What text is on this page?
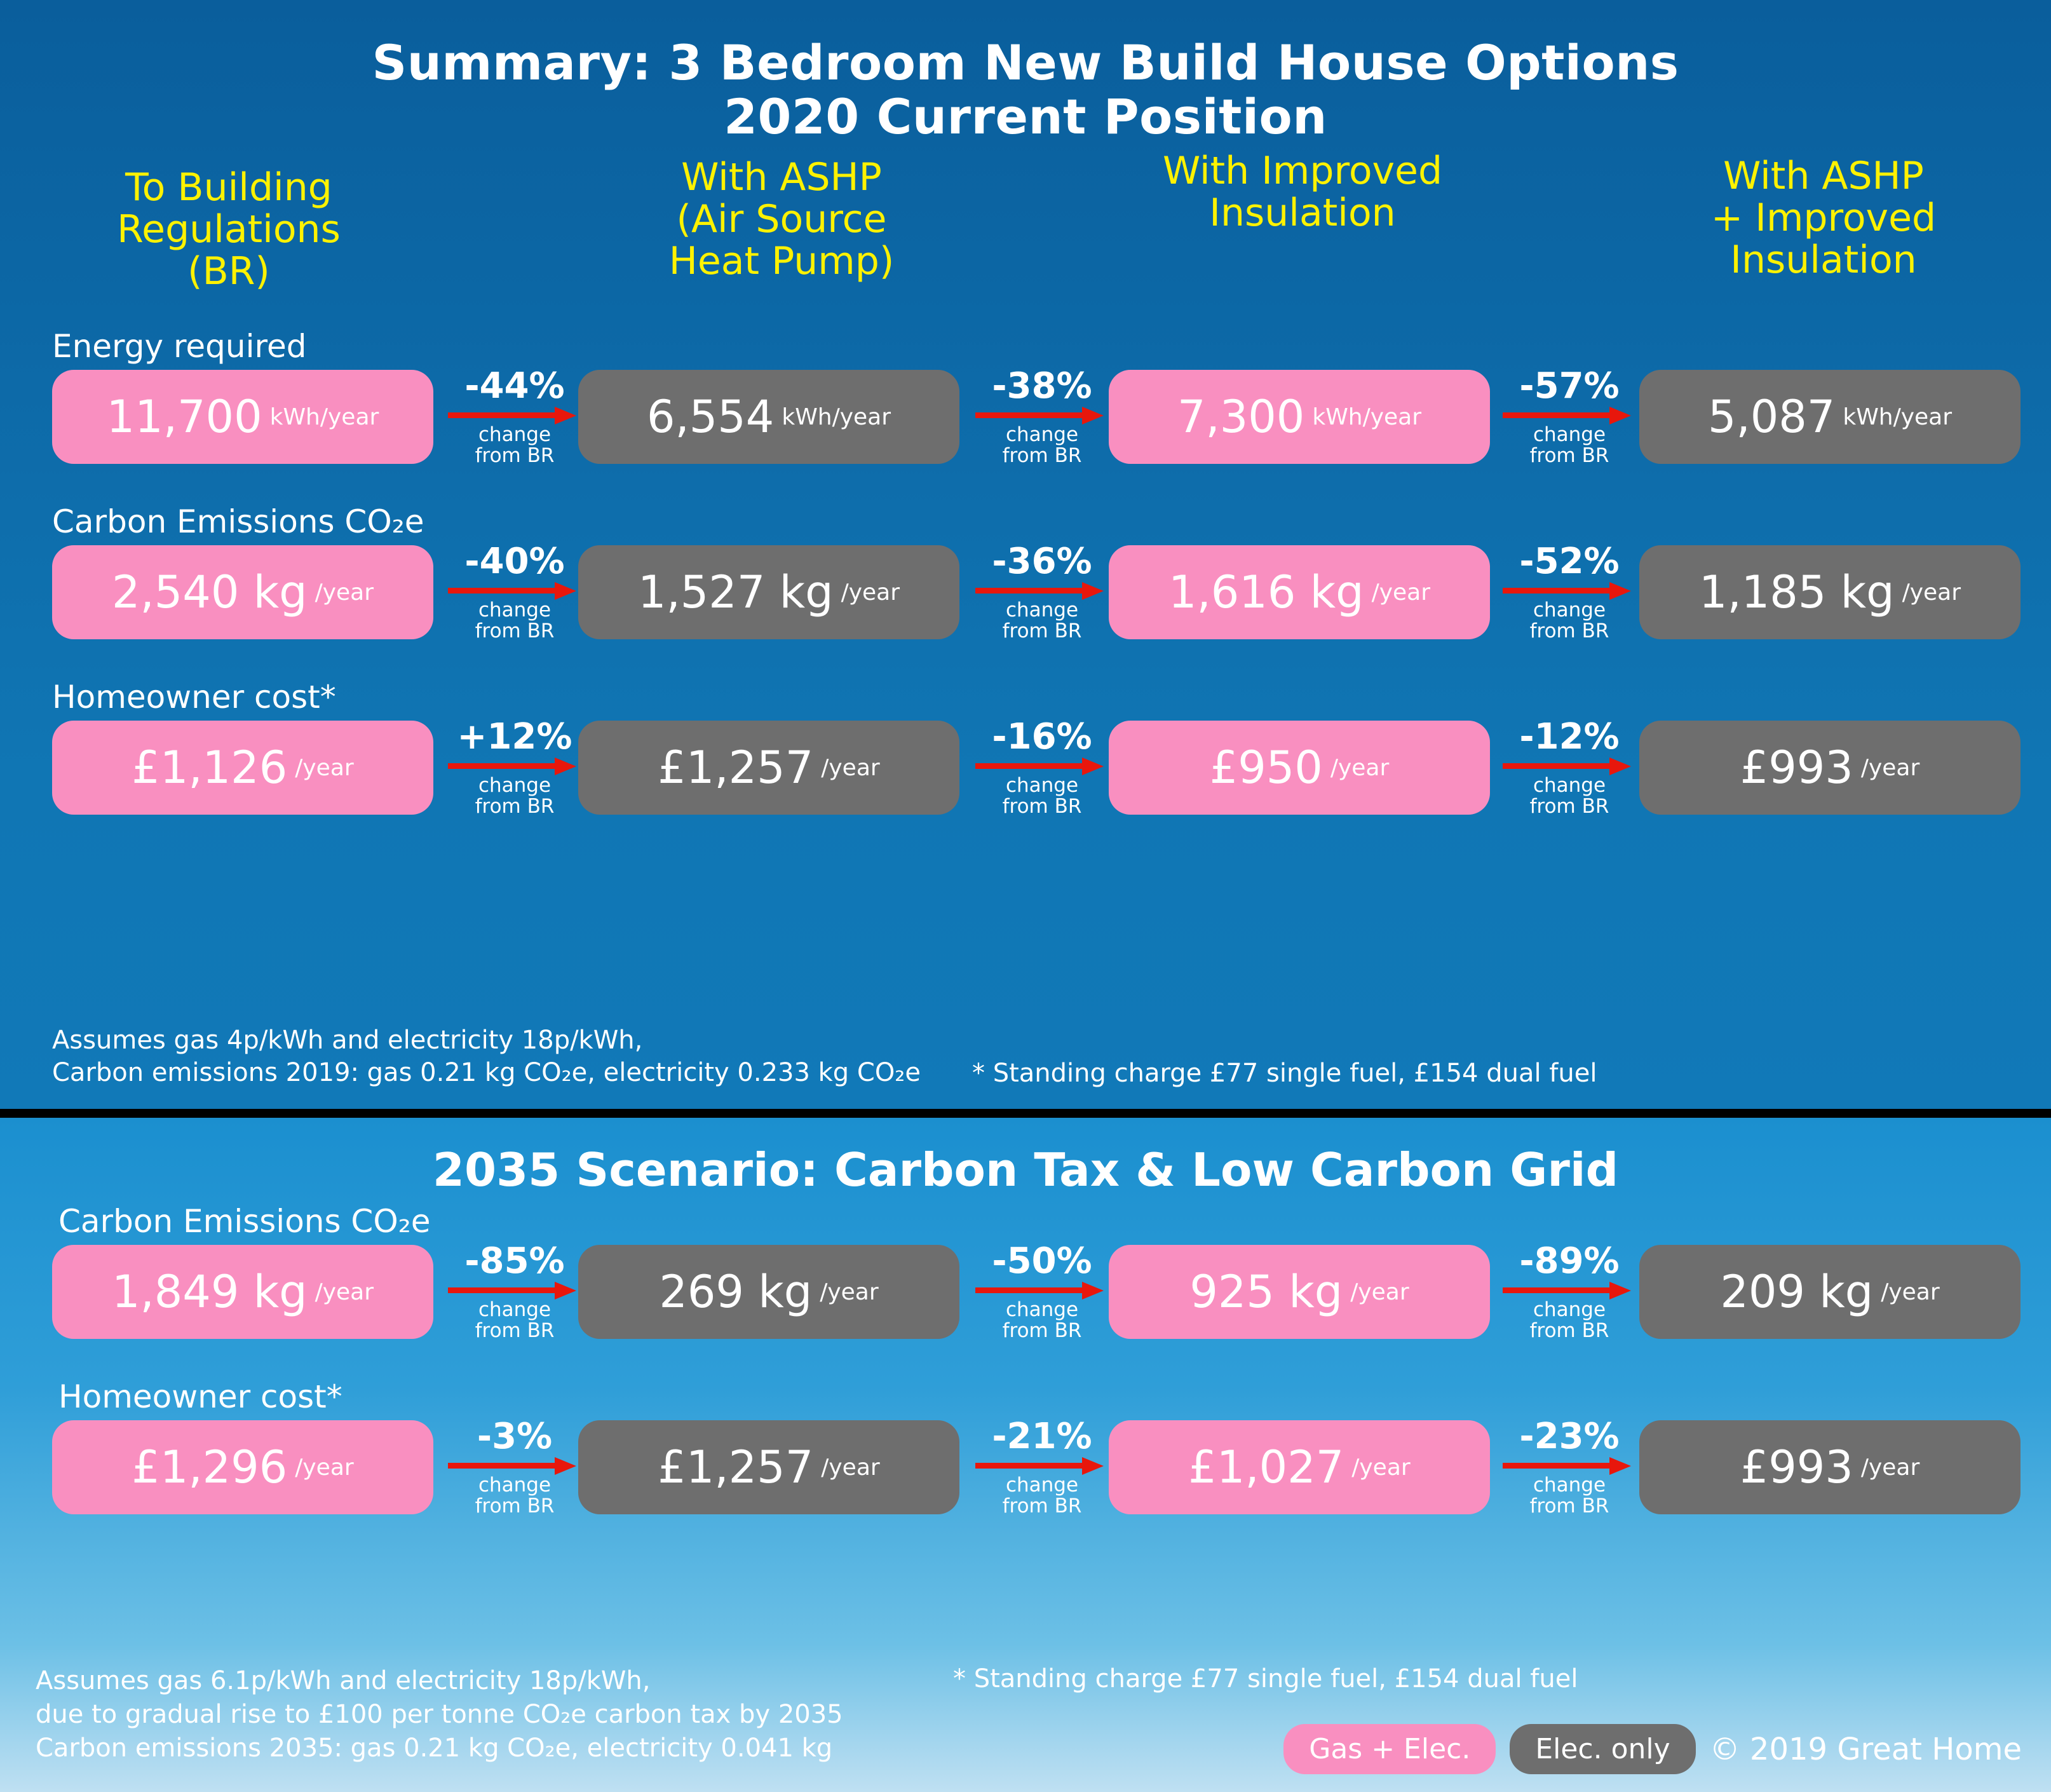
Summary: 3 Bedroom New Build House Options
2020 Current Position
To Building
Regulations
(BR)
With ASHP
(Air Source
Heat Pump)
With Improved
Insulation
With ASHP
+ Improved
Insulation
Energy required
11,700 kWh/year
-44%
change
from BR
6,554 kWh/year
-38%
change
from BR
7,300 kWh/year
-57%
change
from BR
5,087 kWh/year
Carbon Emissions CO₂e
2,540 kg /year
-40%
change
from BR
1,527 kg /year
-36%
change
from BR
1,616 kg /year
-52%
change
from BR
1,185 kg /year
Homeowner cost*
£1,126 /year
+12%
change
from BR
£1,257 /year
-16%
change
from BR
£950 /year
-12%
change
from BR
£993 /year
Assumes gas 4p/kWh and electricity 18p/kWh,
Carbon emissions 2019: gas 0.21 kg CO₂e, electricity 0.233 kg CO₂e * Standing charge £77 single fuel, £154 dual fuel
2035 Scenario: Carbon Tax & Low Carbon Grid
Carbon Emissions CO₂e
1,849 kg /year
-85%
change
from BR
269 kg /year
-50%
change
from BR
925 kg /year
-89%
change
from BR
209 kg /year
Homeowner cost*
£1,296 /year
-3%
change
from BR
£1,257 /year
-21%
change
from BR
£1,027 /year
-23%
change
from BR
£993 /year
Assumes gas 6.1p/kWh and electricity 18p/kWh,
due to gradual rise to £100 per tonne CO₂e carbon tax by 2035
Carbon emissions 2035: gas 0.21 kg CO₂e, electricity 0.041 kg
* Standing charge £77 single fuel, £154 dual fuel
Gas + Elec.	Elec. only	© 2019 Great Home
